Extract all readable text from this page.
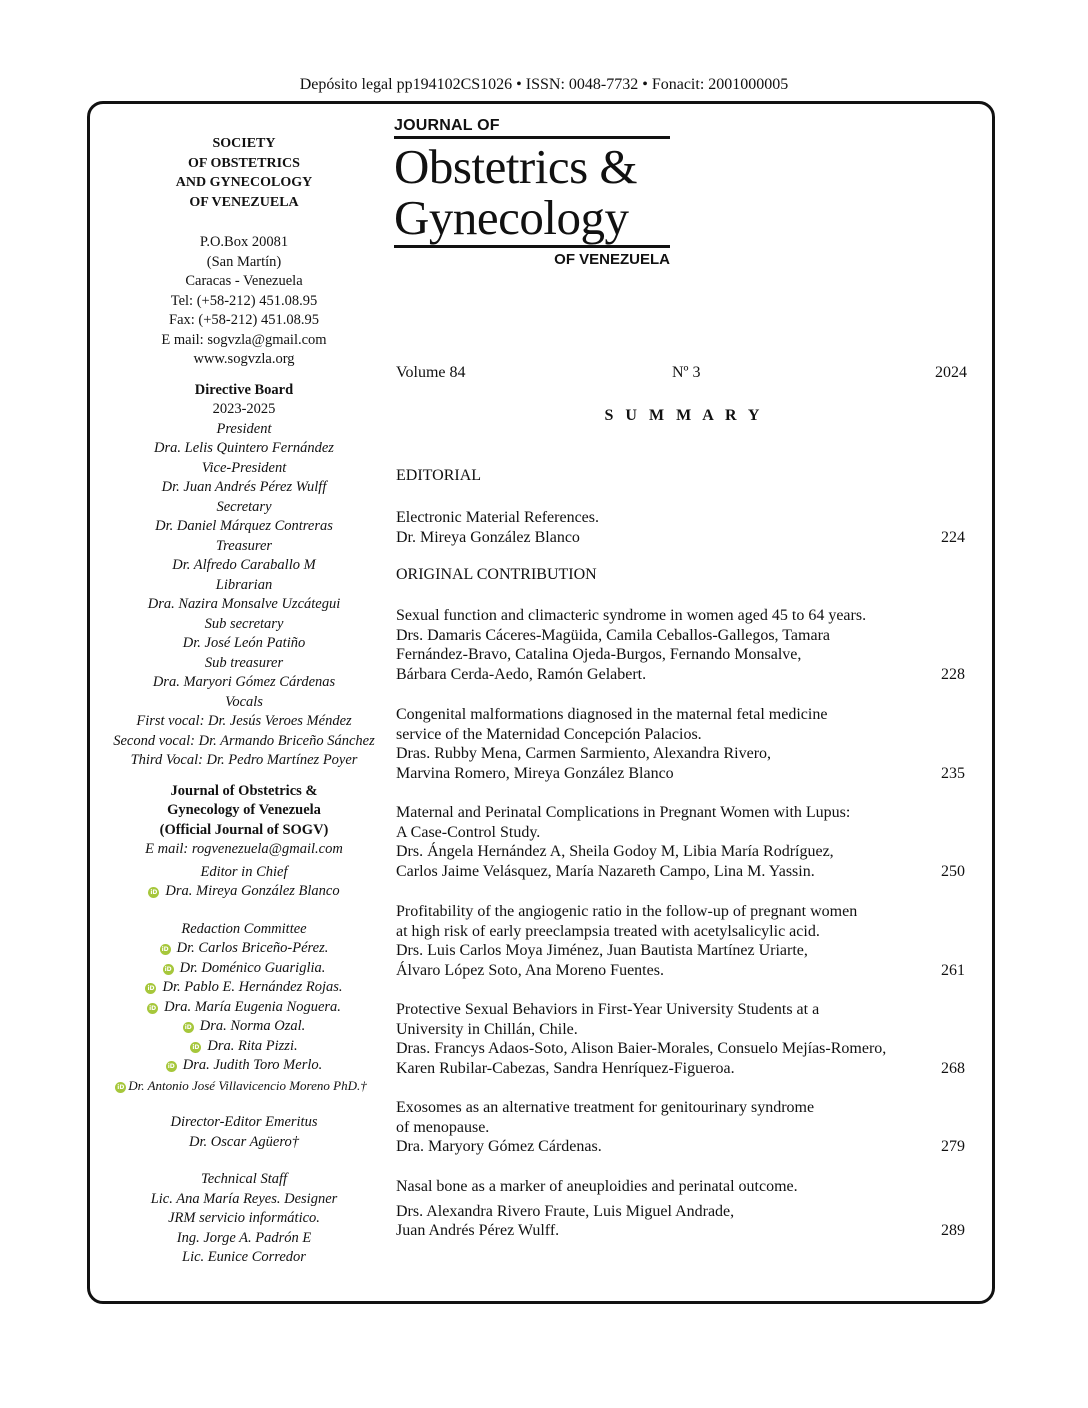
Depósito legal pp194102CS1026 • ISSN: 0048-7732 • Fonacit: 2001000005
SOCIETY
OF OBSTETRICS
AND GYNECOLOGY
OF VENEZUELA
P.O.Box 20081
(San Martín)
Caracas - Venezuela
Tel: (+58-212) 451.08.95
Fax: (+58-212) 451.08.95
E mail: sogvzla@gmail.com
www.sogvzla.org
Directive Board
2023-2025
President
Dra. Lelis Quintero Fernández
Vice-President
Dr. Juan Andrés Pérez Wulff
Secretary
Dr. Daniel Márquez Contreras
Treasurer
Dr. Alfredo Caraballo M
Librarian
Dra. Nazira Monsalve Uzcátegui
Sub secretary
Dr. José León Patiño
Sub treasurer
Dra. Maryori Gómez Cárdenas
Vocals
First vocal: Dr. Jesús Veroes Méndez
Second vocal: Dr. Armando Briceño Sánchez
Third Vocal: Dr. Pedro Martínez Poyer
Journal of Obstetrics &
Gynecology of Venezuela
(Official Journal of SOGV)
E mail: rogvenezuela@gmail.com
Editor in Chief
iD Dra. Mireya González Blanco
Redaction Committee
iD Dr. Carlos Briceño-Pérez.
iD Dr. Doménico Guariglia.
iD Dr. Pablo E. Hernández Rojas.
iD Dra. María Eugenia Noguera.
iD Dra. Norma Ozal.
iD Dra. Rita Pizzi.
iD Dra. Judith Toro Merlo.
iD Dr. Antonio José Villavicencio Moreno PhD.†
Director-Editor Emeritus
Dr. Oscar Agüero†
Technical Staff
Lic. Ana María Reyes. Designer
JRM servicio informático.
Ing. Jorge A. Padrón E
Lic. Eunice Corredor
JOURNAL OF
Obstetrics &
Gynecology
OF VENEZUELA
Volume 84	Nº 3	2024
S U M M A R Y
EDITORIAL
ORIGINAL CONTRIBUTION
Electronic Material References.
Dr. Mireya González Blanco	224
Sexual function and climacteric syndrome in women aged 45 to 64 years.
Drs. Damaris Cáceres-Magüida, Camila Ceballos-Gallegos, Tamara
Fernández-Bravo, Catalina Ojeda-Burgos, Fernando Monsalve,
Bárbara Cerda-Aedo, Ramón Gelabert.	228
Congenital malformations diagnosed in the maternal fetal medicine
service of the Maternidad Concepción Palacios.
Dras. Rubby Mena, Carmen Sarmiento, Alexandra Rivero,
Marvina Romero, Mireya González Blanco	235
Maternal and Perinatal Complications in Pregnant Women with Lupus:
A Case-Control Study.
Drs. Ángela Hernández A, Sheila Godoy M, Libia María Rodríguez,
Carlos Jaime Velásquez, María Nazareth Campo, Lina M. Yassin.	250
Profitability of the angiogenic ratio in the follow-up of pregnant women
at high risk of early preeclampsia treated with acetylsalicylic acid.
Drs. Luis Carlos Moya Jiménez, Juan Bautista Martínez Uriarte,
Álvaro López Soto, Ana Moreno Fuentes.	261
Protective Sexual Behaviors in First-Year University Students at a
University in Chillán, Chile.
Dras. Francys Adaos-Soto, Alison Baier-Morales, Consuelo Mejías-Romero,
Karen Rubilar-Cabezas, Sandra Henríquez-Figueroa.	268
Exosomes as an alternative treatment for genitourinary syndrome
of menopause.
Dra. Maryory Gómez Cárdenas.	279
Nasal bone as a marker of aneuploidies and perinatal outcome.
Drs. Alexandra Rivero Fraute, Luis Miguel Andrade,
Juan Andrés Pérez Wulff.	289
